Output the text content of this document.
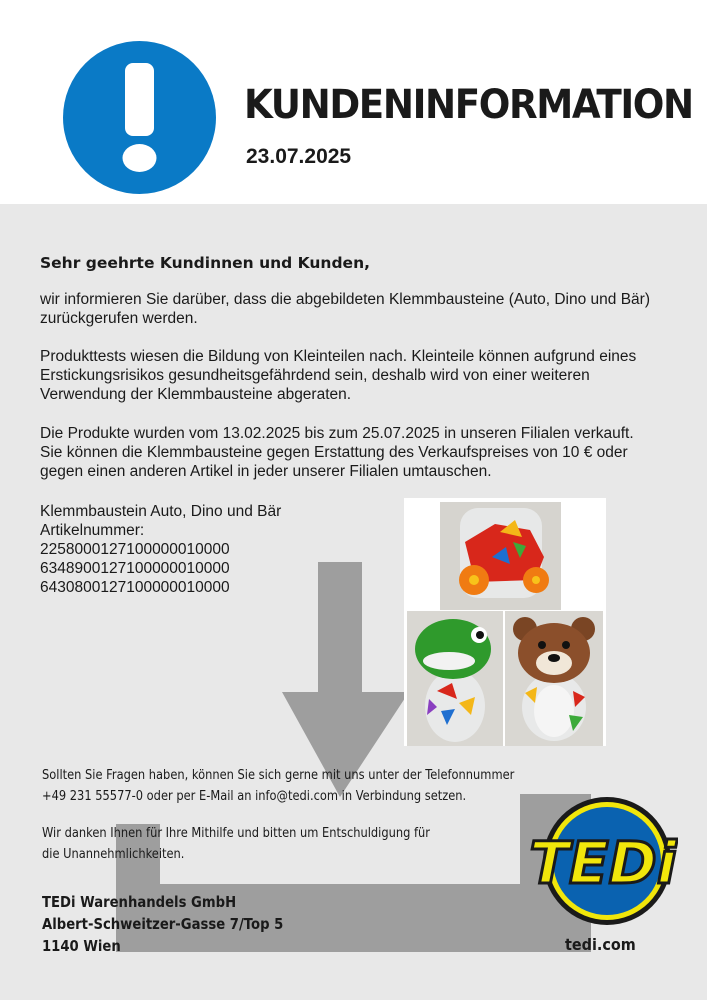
KUNDENINFORMATION
23.07.2025
Sehr geehrte Kundinnen und Kunden,

wir informieren Sie darüber, dass die abgebildeten Klemmbausteine (Auto, Dino und Bär) zurückgerufen werden.

Produkttests wiesen die Bildung von Kleinteilen nach. Kleinteile können aufgrund eines Erstickungsrisikos gesundheitsgefährdend sein, deshalb wird von einer weiteren Verwendung der Klemmbausteine abgeraten.

Die Produkte wurden vom 13.02.2025 bis zum 25.07.2025 in unseren Filialen verkauft. Sie können die Klemmbausteine gegen Erstattung des Verkaufspreises von 10 € oder gegen einen anderen Artikel in jeder unserer Filialen umtauschen.

Klemmbaustein Auto, Dino und Bär
Artikelnummer:
2258000127100000010000
6348900127100000010000
6430800127100000010000
Sollten Sie Fragen haben, können Sie sich gerne mit uns unter der Telefonnummer
+49 231 55577-0 oder per E-Mail an info@tedi.com in Verbindung setzen.
Wir danken Ihnen für Ihre Mithilfe und bitten um Entschuldigung für
die Unannehmlichkeiten.
TEDi Warenhandels GmbH
Albert-Schweitzer-Gasse 7/Top 5
1140 Wien
TEDi
tedi.com
